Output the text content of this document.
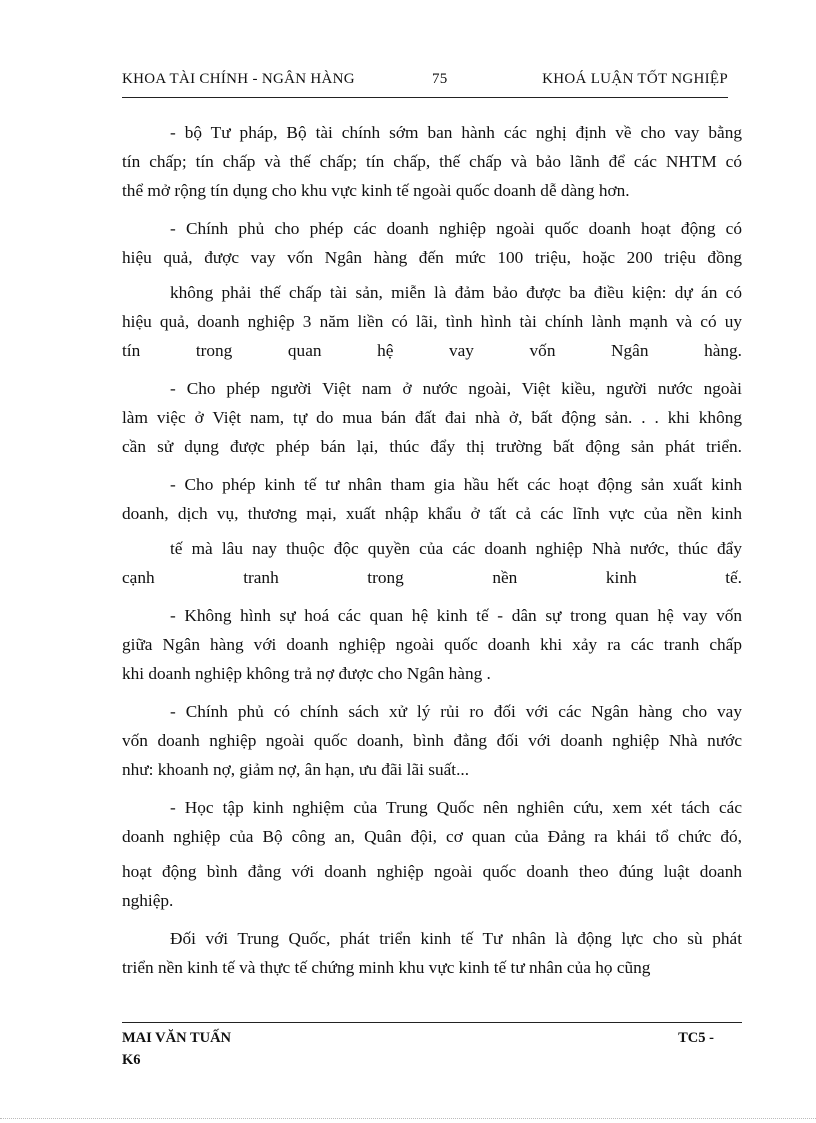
KHOA TÀI CHÍNH - NGÂN HÀNG	75	KHOÁ LUẬN TỐT NGHIỆP

- bộ Tư pháp, Bộ tài chính sớm ban hành các nghị định về cho vay bằng
tín chấp; tín chấp và thế chấp; tín chấp, thế chấp và bảo lãnh để các NHTM có
thể mở rộng tín dụng cho khu vực kinh tế ngoài quốc doanh dễ dàng hơn.

- Chính phủ cho phép các doanh nghiệp ngoài quốc doanh hoạt động có
hiệu quả, được vay vốn Ngân hàng đến mức 100 triệu, hoặc 200 triệu đồng

không phải thế chấp tài sản, miễn là đảm bảo được ba điều kiện: dự án có
hiệu quả, doanh nghiệp 3 năm liền có lãi, tình hình tài chính lành mạnh và có uy
tín trong quan hệ vay vốn Ngân hàng.

- Cho phép người Việt nam ở nước ngoài, Việt kiều, người nước ngoài
làm việc ở Việt nam, tự do mua bán đất đai nhà ở, bất động sản. . . khi không
cần sử dụng được phép bán lại, thúc đẩy thị trường bất động sản phát triển.

- Cho phép kinh tế tư nhân tham gia hầu hết các hoạt động sản xuất kinh
doanh, dịch vụ, thương mại, xuất nhập khẩu ở tất cả các lĩnh vực của nền kinh

tế mà lâu nay thuộc độc quyền của các doanh nghiệp Nhà nước, thúc đẩy
cạnh tranh trong nền kinh tế.

- Không hình sự hoá các quan hệ kinh tế - dân sự trong quan hệ vay vốn
giữa Ngân hàng với doanh nghiệp ngoài quốc doanh khi xảy ra các tranh chấp
khi doanh nghiệp không trả nợ được cho Ngân hàng .

- Chính phủ có chính sách xử lý rủi ro đối với các Ngân hàng cho vay
vốn doanh nghiệp ngoài quốc doanh, bình đẳng đối với doanh nghiệp Nhà nước
như: khoanh nợ, giảm nợ, ân hạn, ưu đãi lãi suất...

- Học tập kinh nghiệm của Trung Quốc nên nghiên cứu, xem xét tách các
doanh nghiệp của Bộ công an, Quân đội, cơ quan của Đảng ra khái tổ chức đó,

hoạt động bình đẳng với doanh nghiệp ngoài quốc doanh theo đúng luật doanh
nghiệp.

Đối với Trung Quốc, phát triển kinh tế Tư nhân là động lực cho sù phát
triển nền kinh tế và thực tế chứng minh khu vực kinh tế tư nhân của họ cũng

MAI VĂN TUẤN	TC5 -
K6
